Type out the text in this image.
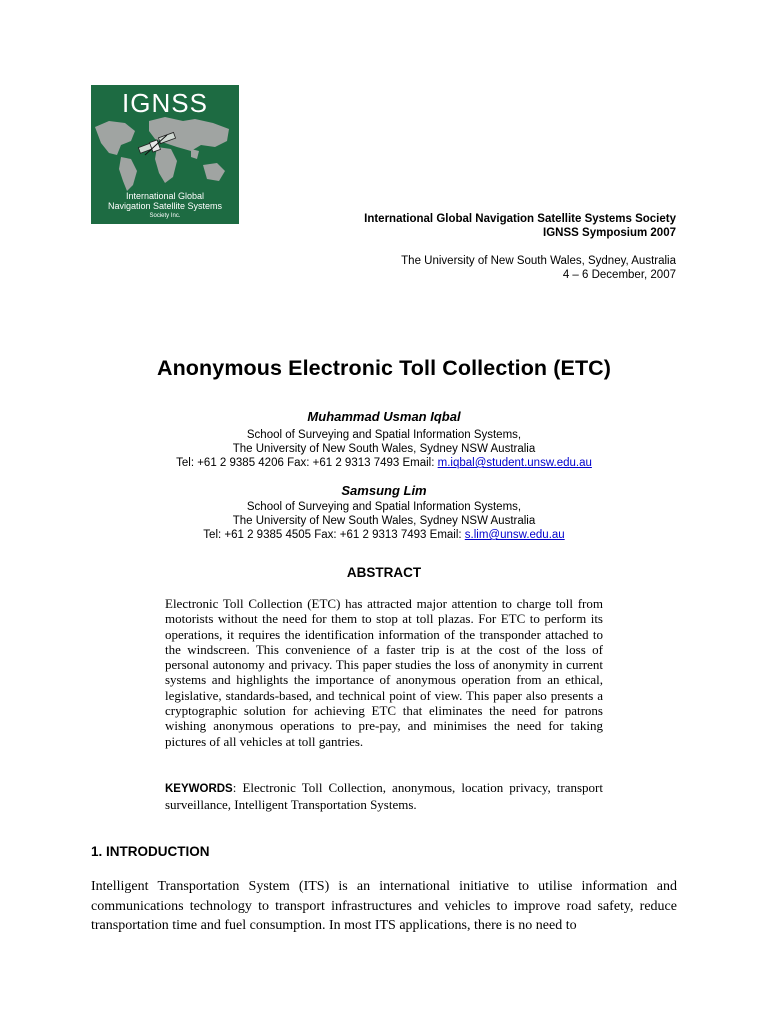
IGNSS
International Global
Navigation Satellite Systems
Society Inc.	International Global Navigation Satellite Systems Society
IGNSS Symposium 2007
The University of New South Wales, Sydney, Australia
4 – 6 December, 2007
Anonymous Electronic Toll Collection (ETC)
Muhammad Usman Iqbal
School of Surveying and Spatial Information Systems,
The University of New South Wales, Sydney NSW Australia
Tel: +61 2 9385 4206 Fax: +61 2 9313 7493 Email: m.iqbal@student.unsw.edu.au
Samsung Lim
School of Surveying and Spatial Information Systems,
The University of New South Wales, Sydney NSW Australia
Tel: +61 2 9385 4505 Fax: +61 2 9313 7493 Email: s.lim@unsw.edu.au
ABSTRACT
Electronic Toll Collection (ETC) has attracted major attention to charge toll from motorists without the need for them to stop at toll plazas. For ETC to perform its operations, it requires the identification information of the transponder attached to the windscreen. This convenience of a faster trip is at the cost of the loss of personal autonomy and privacy. This paper studies the loss of anonymity in current systems and highlights the importance of anonymous operation from an ethical, legislative, standards-based, and technical point of view. This paper also presents a cryptographic solution for achieving ETC that eliminates the need for patrons wishing anonymous operations to pre-pay, and minimises the need for taking pictures of all vehicles at toll gantries.
KEYWORDS: Electronic Toll Collection, anonymous, location privacy, transport surveillance, Intelligent Transportation Systems.
1. INTRODUCTION
Intelligent Transportation System (ITS) is an international initiative to utilise information and communications technology to transport infrastructures and vehicles to improve road safety, reduce transportation time and fuel consumption. In most ITS applications, there is no need to
